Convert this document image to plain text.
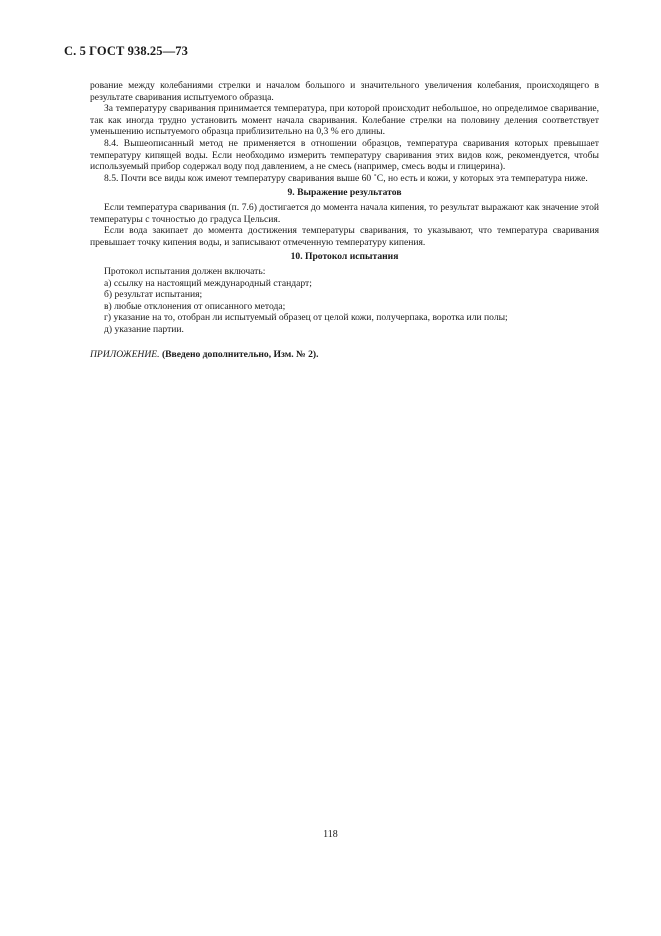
С. 5 ГОСТ 938.25—73

рование между колебаниями стрелки и началом большого и значительного увеличения колебания, происходящего в результате сваривания испытуемого образца.

За температуру сваривания принимается температура, при которой происходит небольшое, но определимое сваривание, так как иногда трудно установить момент начала сваривания. Колебание стрелки на половину деления соответствует уменьшению испытуемого образца приблизительно на 0,3 % его длины.

8.4. Вышеописанный метод не применяется в отношении образцов, температура сваривания которых превышает температуру кипящей воды. Если необходимо измерить температуру сваривания этих видов кож, рекомендуется, чтобы используемый прибор содержал воду под давлением, а не смесь (например, смесь воды и глицерина).

8.5. Почти все виды кож имеют температуру сваривания выше 60 ˚С, но есть и кожи, у которых эта температура ниже.

9. Выражение результатов

Если температура сваривания (п. 7.6) достигается до момента начала кипения, то результат выражают как значение этой температуры с точностью до градуса Цельсия.

Если вода закипает до момента достижения температуры сваривания, то указывают, что температура сваривания превышает точку кипения воды, и записывают отмеченную температуру кипения.

10. Протокол испытания

Протокол испытания должен включать:

а) ссылку на настоящий международный стандарт;

б) результат испытания;

в) любые отклонения от описанного метода;

г) указание на то, отобран ли испытуемый образец от целой кожи, получерпака, воротка или полы;

д) указание партии.

ПРИЛОЖЕНИЕ. (Введено дополнительно, Изм. № 2).

118
